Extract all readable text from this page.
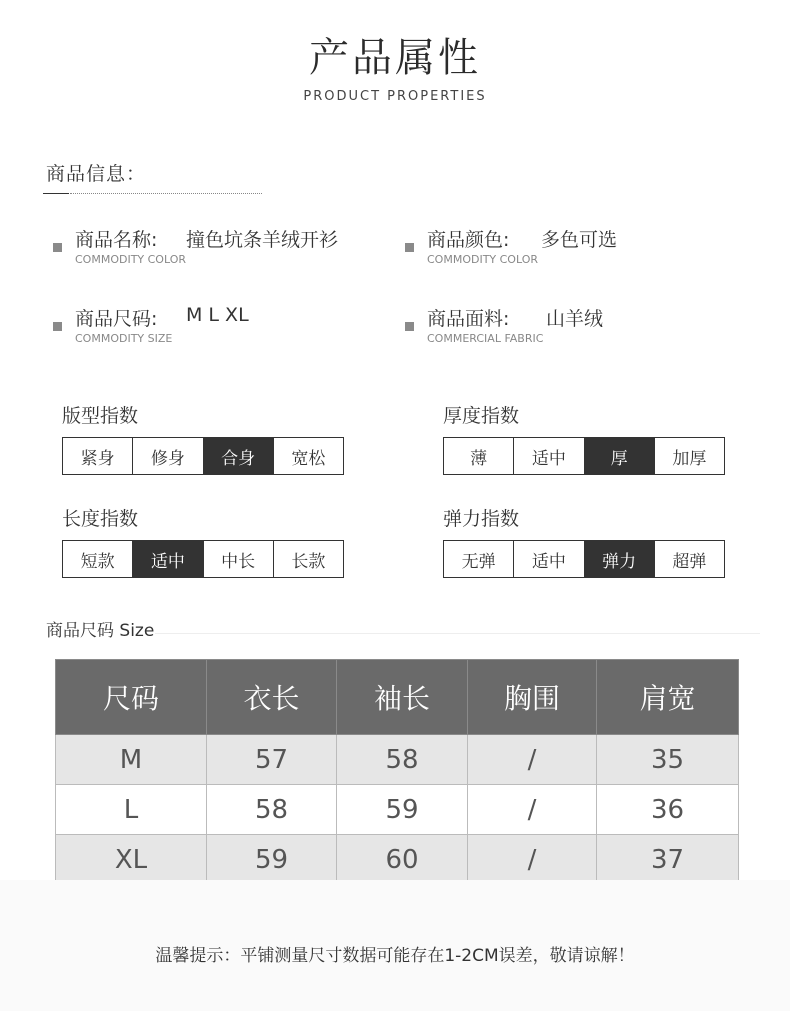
产品属性
PRODUCT PROPERTIES
商品信息：
商品名称: 撞色坑条羊绒开衫
COMMODITY COLOR
商品颜色: 多色可选
COMMODITY COLOR
商品尺码: M L XL
COMMODITY SIZE
商品面料: 山羊绒
COMMERCIAL FABRIC
版型指数
紧身	修身	合身	宽松
厚度指数
薄	适中	厚	加厚
长度指数
短款	适中	中长	长款
弹力指数
无弹	适中	弹力	超弹
商品尺码 Size
尺码	衣长	袖长	胸围	肩宽
M	57	58	/	35
L	58	59	/	36
XL	59	60	/	37
温馨提示：平铺测量尺寸数据可能存在1-2CM误差，敬请谅解！
